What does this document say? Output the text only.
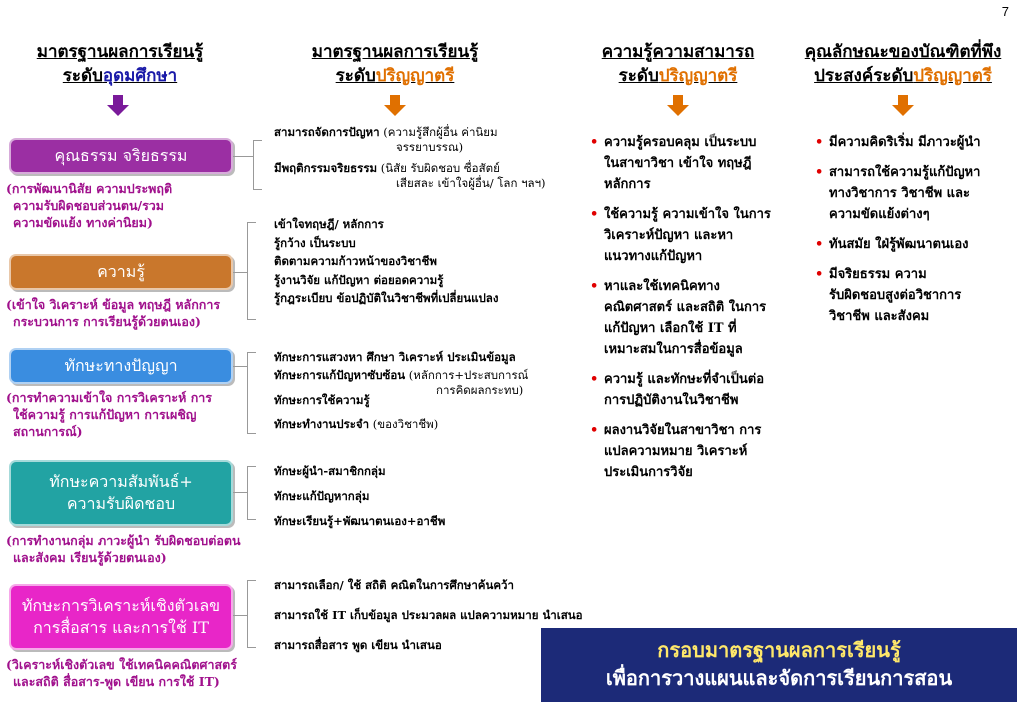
7
มาตรฐานผลการเรียนรู้
ระดับอุดมศึกษา
มาตรฐานผลการเรียนรู้
ระดับปริญญาตรี
ความรู้ความสามารถ
ระดับปริญญาตรี
คุณลักษณะของบัณฑิตที่พึง
ประสงค์ระดับปริญญาตรี
คุณธรรม จริยธรรม
(การพัฒนานิสัย ความประพฤติ
ความรับผิดชอบส่วนตน/รวม
ความขัดแย้ง ทางค่านิยม)
ความรู้
(เข้าใจ วิเคราะห์ ข้อมูล ทฤษฎี หลักการ
กระบวนการ การเรียนรู้ด้วยตนเอง)
ทักษะทางปัญญา
(การทำความเข้าใจ การวิเคราะห์ การ
ใช้ความรู้ การแก้ปัญหา การเผชิญ
สถานการณ์)
ทักษะความสัมพันธ์+
ความรับผิดชอบ
(การทำงานกลุ่ม ภาวะผู้นำ รับผิดชอบต่อตน
และสังคม เรียนรู้ด้วยตนเอง)
ทักษะการวิเคราะห์เชิงตัวเลข
การสื่อสาร และการใช้ IT
(วิเคราะห์เชิงตัวเลข ใช้เทคนิคคณิตศาสตร์
และสถิติ สื่อสาร-พูด เขียน การใช้ IT)
สามารถจัดการปัญหา (ความรู้สึกผู้อื่น ค่านิยม
จรรยาบรรณ)
มีพฤติกรรมจริยธรรม (นิสัย รับผิดชอบ ซื่อสัตย์
เสียสละ เข้าใจผู้อื่น/ โลก ฯลฯ)
เข้าใจทฤษฎี/ หลักการ
รู้กว้าง เป็นระบบ
ติดตามความก้าวหน้าของวิชาชีพ
รู้งานวิจัย แก้ปัญหา ต่อยอดความรู้
รู้กฎระเบียบ ข้อปฏิบัติในวิชาชีพที่เปลี่ยนแปลง
ทักษะการแสวงหา ศึกษา วิเคราะห์ ประเมินข้อมูล
ทักษะการแก้ปัญหาซับซ้อน (หลักการ+ประสบการณ์
การคิดผลกระทบ)
ทักษะการใช้ความรู้
ทักษะทำงานประจำ (ของวิชาชีพ)
ทักษะผู้นำ-สมาชิกกลุ่ม
ทักษะแก้ปัญหากลุ่ม
ทักษะเรียนรู้+พัฒนาตนเอง+อาชีพ
สามารถเลือก/ ใช้ สถิติ คณิตในการศึกษาค้นคว้า
สามารถใช้ IT เก็บข้อมูล ประมวลผล แปลความหมาย นำเสนอ
สามารถสื่อสาร พูด เขียน นำเสนอ
• ความรู้ครอบคลุม เป็นระบบ
ในสาขาวิชา เข้าใจ ทฤษฎี
หลักการ
• ใช้ความรู้ ความเข้าใจ ในการ
วิเคราะห์ปัญหา และหา
แนวทางแก้ปัญหา
• หาและใช้เทคนิคทาง
คณิตศาสตร์ และสถิติ ในการ
แก้ปัญหา เลือกใช้ IT ที่
เหมาะสมในการสื่อข้อมูล
• ความรู้ และทักษะที่จำเป็นต่อ
การปฏิบัติงานในวิชาชีพ
• ผลงานวิจัยในสาขาวิชา การ
แปลความหมาย วิเคราะห์
ประเมินการวิจัย
• มีความคิดริเริ่ม มีภาวะผู้นำ
• สามารถใช้ความรู้แก้ปัญหา
ทางวิชาการ วิชาชีพ และ
ความขัดแย้งต่างๆ
• ทันสมัย ใฝ่รู้พัฒนาตนเอง
• มีจริยธรรม ความ
รับผิดชอบสูงต่อวิชาการ
วิชาชีพ และสังคม
กรอบมาตรฐานผลการเรียนรู้
เพื่อการวางแผนและจัดการเรียนการสอน
